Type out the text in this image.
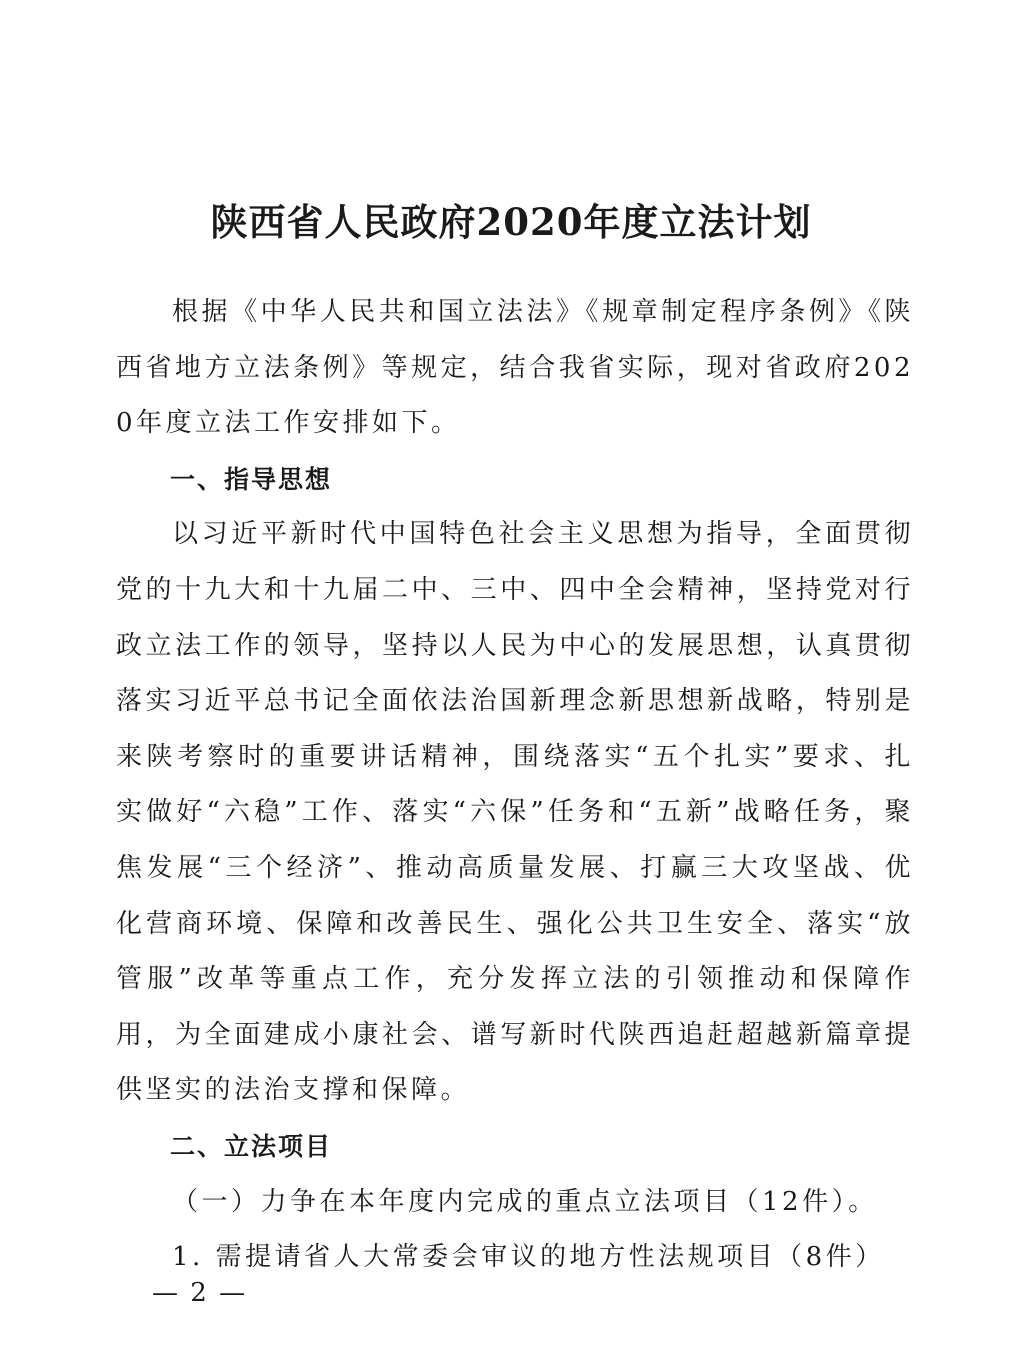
陕西省人民政府2020年度立法计划

根据《中华人民共和国立法法》《规章制定程序条例》《陕西省地方立法条例》等规定，结合我省实际，现对省政府2020年度立法工作安排如下。

一、指导思想

以习近平新时代中国特色社会主义思想为指导，全面贯彻党的十九大和十九届二中、三中、四中全会精神，坚持党对行政立法工作的领导，坚持以人民为中心的发展思想，认真贯彻落实习近平总书记全面依法治国新理念新思想新战略，特别是来陕考察时的重要讲话精神，围绕落实“五个扎实”要求、扎实做好“六稳”工作、落实“六保”任务和“五新”战略任务，聚焦发展“三个经济”、推动高质量发展、打赢三大攻坚战、优化营商环境、保障和改善民生、强化公共卫生安全、落实“放管服”改革等重点工作，充分发挥立法的引领推动和保障作用，为全面建成小康社会、谱写新时代陕西追赶超越新篇章提供坚实的法治支撑和保障。

二、立法项目

（一）力争在本年度内完成的重点立法项目（12件）。

1. 需提请省人大常委会审议的地方性法规项目（8件）

— 2 —
